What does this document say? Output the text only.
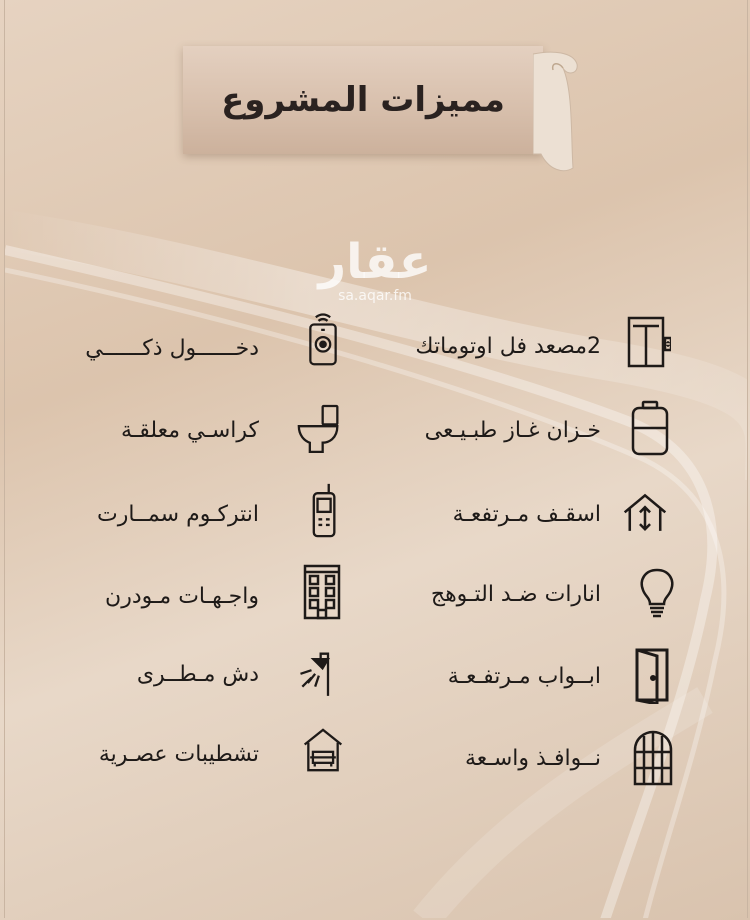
مميزات المشروع
عقار
sa.aqar.fm
2مصعد فل اوتوماتك
خـزان غـاز طبـيـعى
اسقـف مـرتفعـة
انارات ضـد التـوهج
ابــواب مـرتفـعـة
نــوافـذ واسـعة
دخــــــول ذكــــــي
كراسـي معلقـة
انتركـوم سمــارت
واجـهـات مـودرن
دش مـطــرى
تشطيبات عصـرية
